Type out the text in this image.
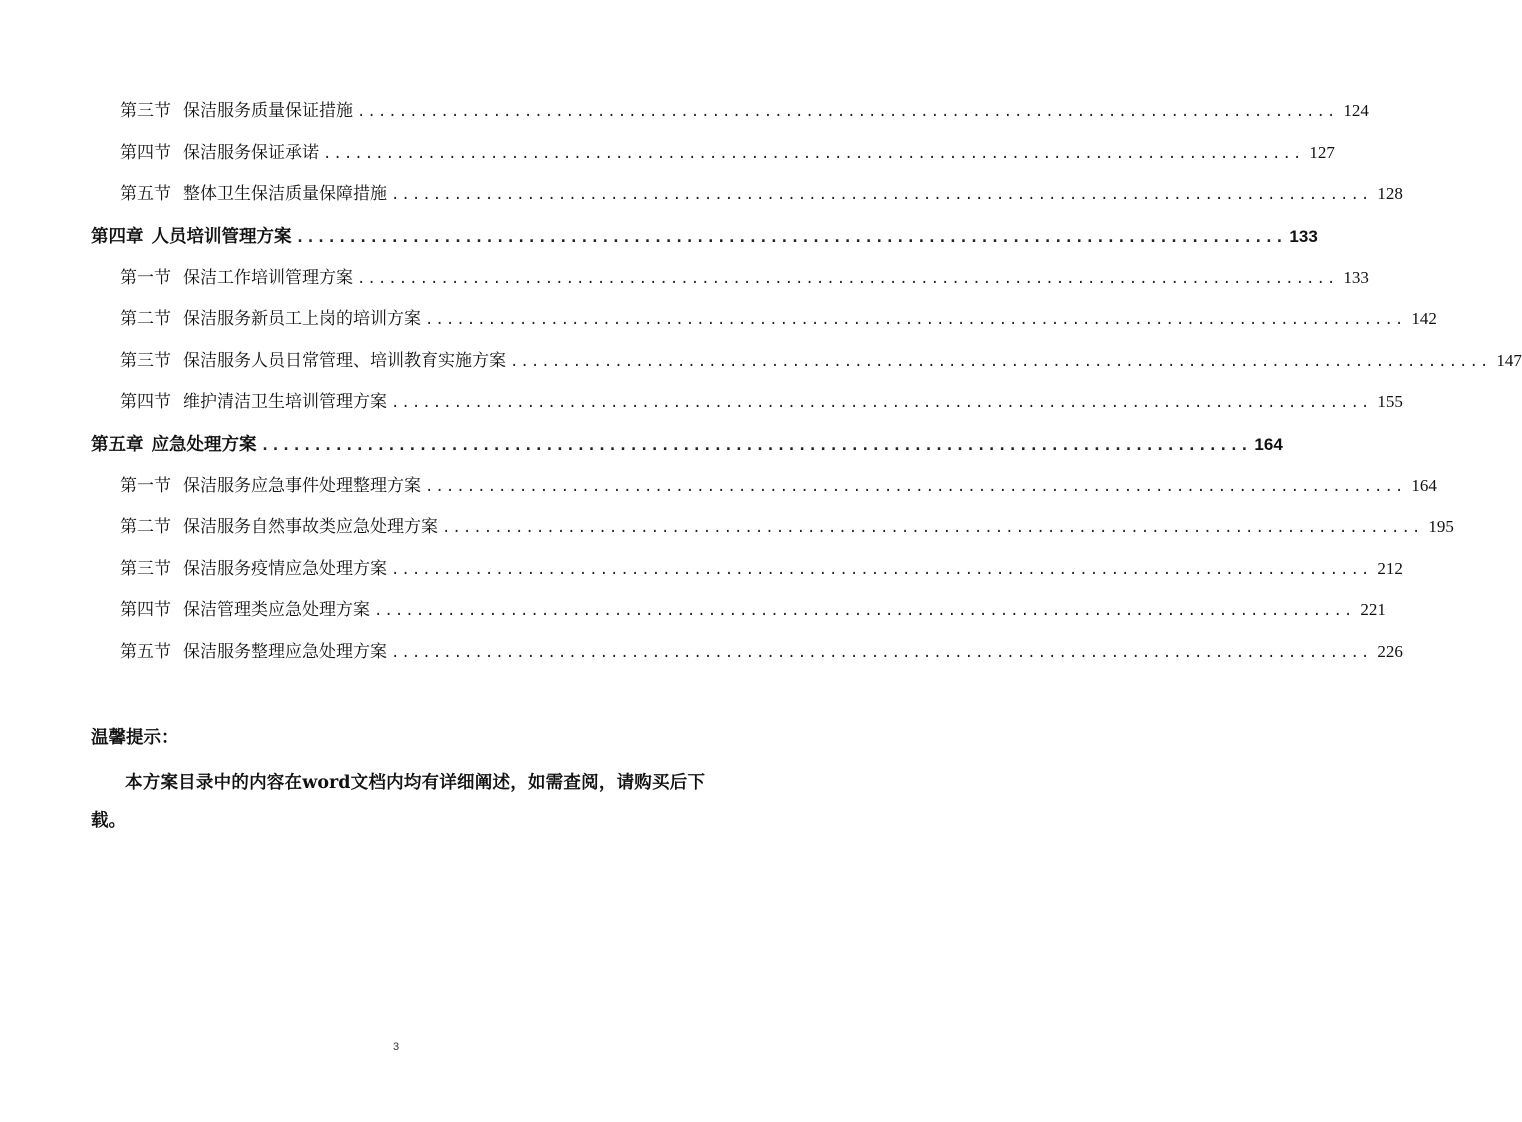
第三节 保洁服务质量保证措施 .............................................................................................. 124
第四节 保洁服务保证承诺 .............................................................................................. 127
第五节 整体卫生保洁质量保障措施 .............................................................................................. 128
第四章 人员培训管理方案 .............................................................................................. 133
第一节 保洁工作培训管理方案 .............................................................................................. 133
第二节 保洁服务新员工上岗的培训方案 .............................................................................................. 142
第三节 保洁服务人员日常管理、培训教育实施方案 .............................................................................................. 147
第四节 维护清洁卫生培训管理方案 .............................................................................................. 155
第五章 应急处理方案 .............................................................................................. 164
第一节 保洁服务应急事件处理整理方案 .............................................................................................. 164
第二节 保洁服务自然事故类应急处理方案 .............................................................................................. 195
第三节 保洁服务疫情应急处理方案 .............................................................................................. 212
第四节 保洁管理类应急处理方案 .............................................................................................. 221
第五节 保洁服务整理应急处理方案 .............................................................................................. 226

温馨提示：

本方案目录中的内容在word文档内均有详细阐述，如需查阅，请购买后下载。

3
